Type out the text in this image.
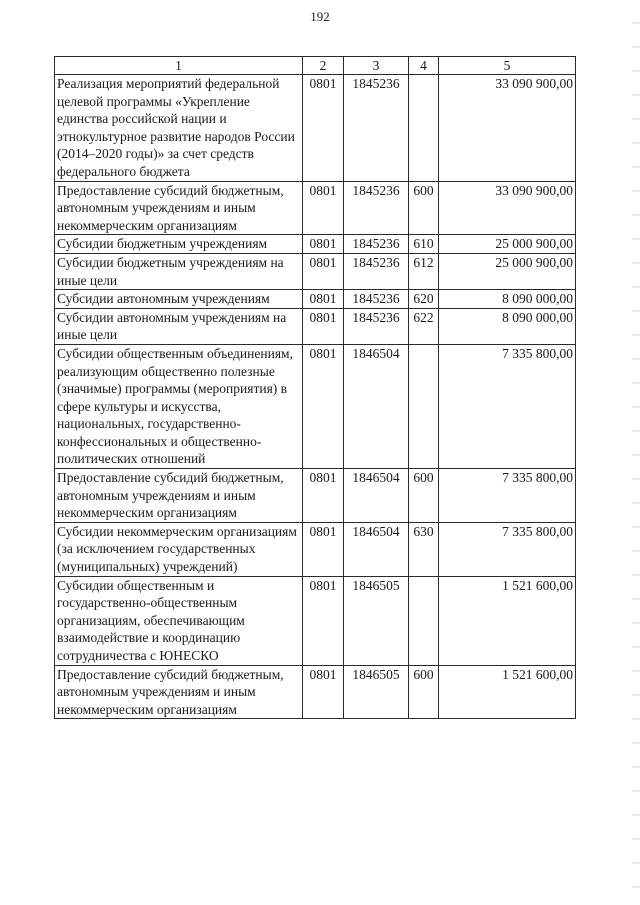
192
1	2	3	4	5
Реализация мероприятий федеральной целевой программы «Укрепление единства российской нации и этнокультурное развитие народов России (2014–2020 годы)» за счет средств федерального бюджета	0801	1845236		33 090 900,00
Предоставление субсидий бюджетным, автономным учреждениям и иным некоммерческим организациям	0801	1845236	600	33 090 900,00
Субсидии бюджетным учреждениям	0801	1845236	610	25 000 900,00
Субсидии бюджетным учреждениям на иные цели	0801	1845236	612	25 000 900,00
Субсидии автономным учреждениям	0801	1845236	620	8 090 000,00
Субсидии автономным учреждениям на иные цели	0801	1845236	622	8 090 000,00
Субсидии общественным объединениям, реализующим общественно полезные (значимые) программы (мероприятия) в сфере культуры и искусства, национальных, государственно-конфессиональных и общественно-политических отношений	0801	1846504		7 335 800,00
Предоставление субсидий бюджетным, автономным учреждениям и иным некоммерческим организациям	0801	1846504	600	7 335 800,00
Субсидии некоммерческим организациям (за исключением государственных (муниципальных) учреждений)	0801	1846504	630	7 335 800,00
Субсидии общественным и государственно-общественным организациям, обеспечивающим взаимодействие и координацию сотрудничества с ЮНЕСКО	0801	1846505		1 521 600,00
Предоставление субсидий бюджетным, автономным учреждениям и иным некоммерческим организациям	0801	1846505	600	1 521 600,00
